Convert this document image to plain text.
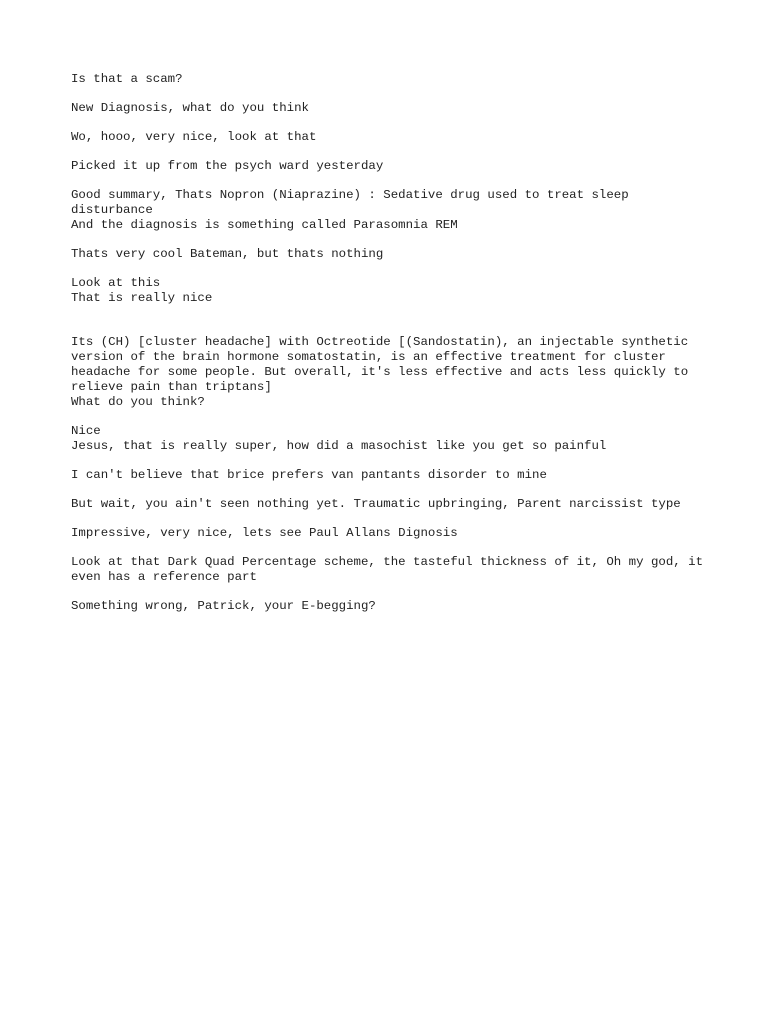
Is that a scam?

New Diagnosis, what do you think

Wo, hooo, very nice, look at that

Picked it up from the psych ward yesterday

Good summary, Thats Nopron (Niaprazine) : Sedative drug used to treat sleep disturbance
And the diagnosis is something called Parasomnia REM

Thats very cool Bateman, but thats nothing

Look at this
That is really nice

Its (CH) [cluster headache] with Octreotide [(Sandostatin), an injectable synthetic version of the brain hormone somatostatin, is an effective treatment for cluster headache for some people. But overall, it's less effective and acts less quickly to relieve pain than triptans]
What do you think?

Nice
Jesus, that is really super, how did a masochist like you get so painful

I can't believe that brice prefers van pantants disorder to mine

But wait, you ain't seen nothing yet. Traumatic upbringing, Parent narcissist type

Impressive, very nice, lets see Paul Allans Dignosis

Look at that Dark Quad Percentage scheme, the tasteful thickness of it, Oh my god, it even has a reference part

Something wrong, Patrick, your E-begging?
